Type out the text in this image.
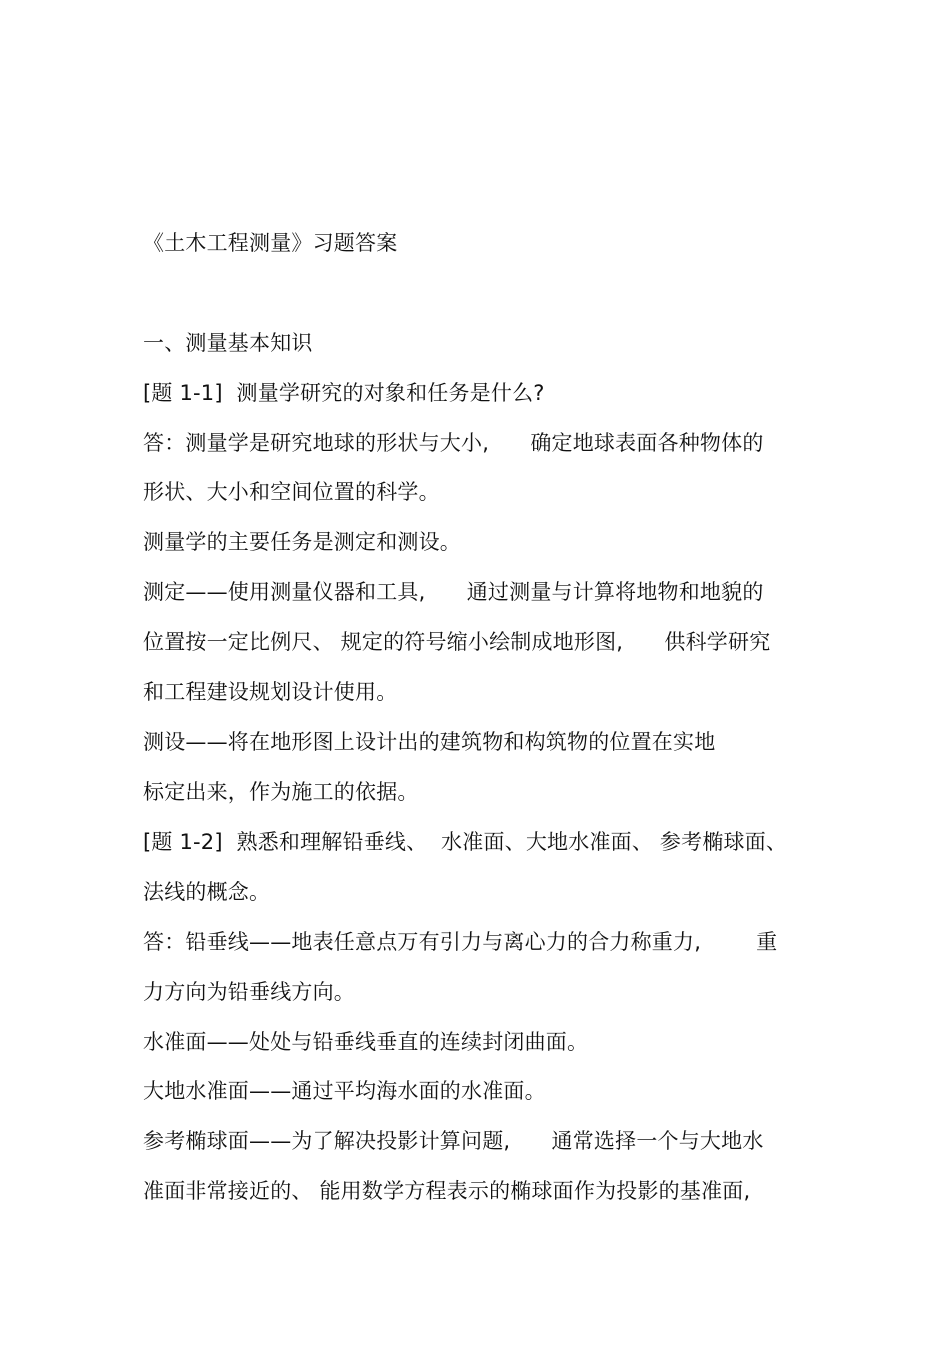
《土木工程测量》习题答案
一、测量基本知识
[题 1-1]  测量学研究的对象和任务是什么?
答：测量学是研究地球的形状与大小,      确定地球表面各种物体的
形状、大小和空间位置的科学。
测量学的主要任务是测定和测设。
测定——使用测量仪器和工具,      通过测量与计算将地物和地貌的
位置按一定比例尺、 规定的符号缩小绘制成地形图,      供科学研究
和工程建设规划设计使用。
测设——将在地形图上设计出的建筑物和构筑物的位置在实地
标定出来，作为施工的依据。
[题 1-2]  熟悉和理解铅垂线、  水准面、大地水准面、 参考椭球面、
法线的概念。
答：铅垂线——地表任意点万有引力与离心力的合力称重力,        重
力方向为铅垂线方向。
水准面——处处与铅垂线垂直的连续封闭曲面。
大地水准面——通过平均海水面的水准面。
参考椭球面——为了解决投影计算问题,      通常选择一个与大地水
准面非常接近的、 能用数学方程表示的椭球面作为投影的基准面,
